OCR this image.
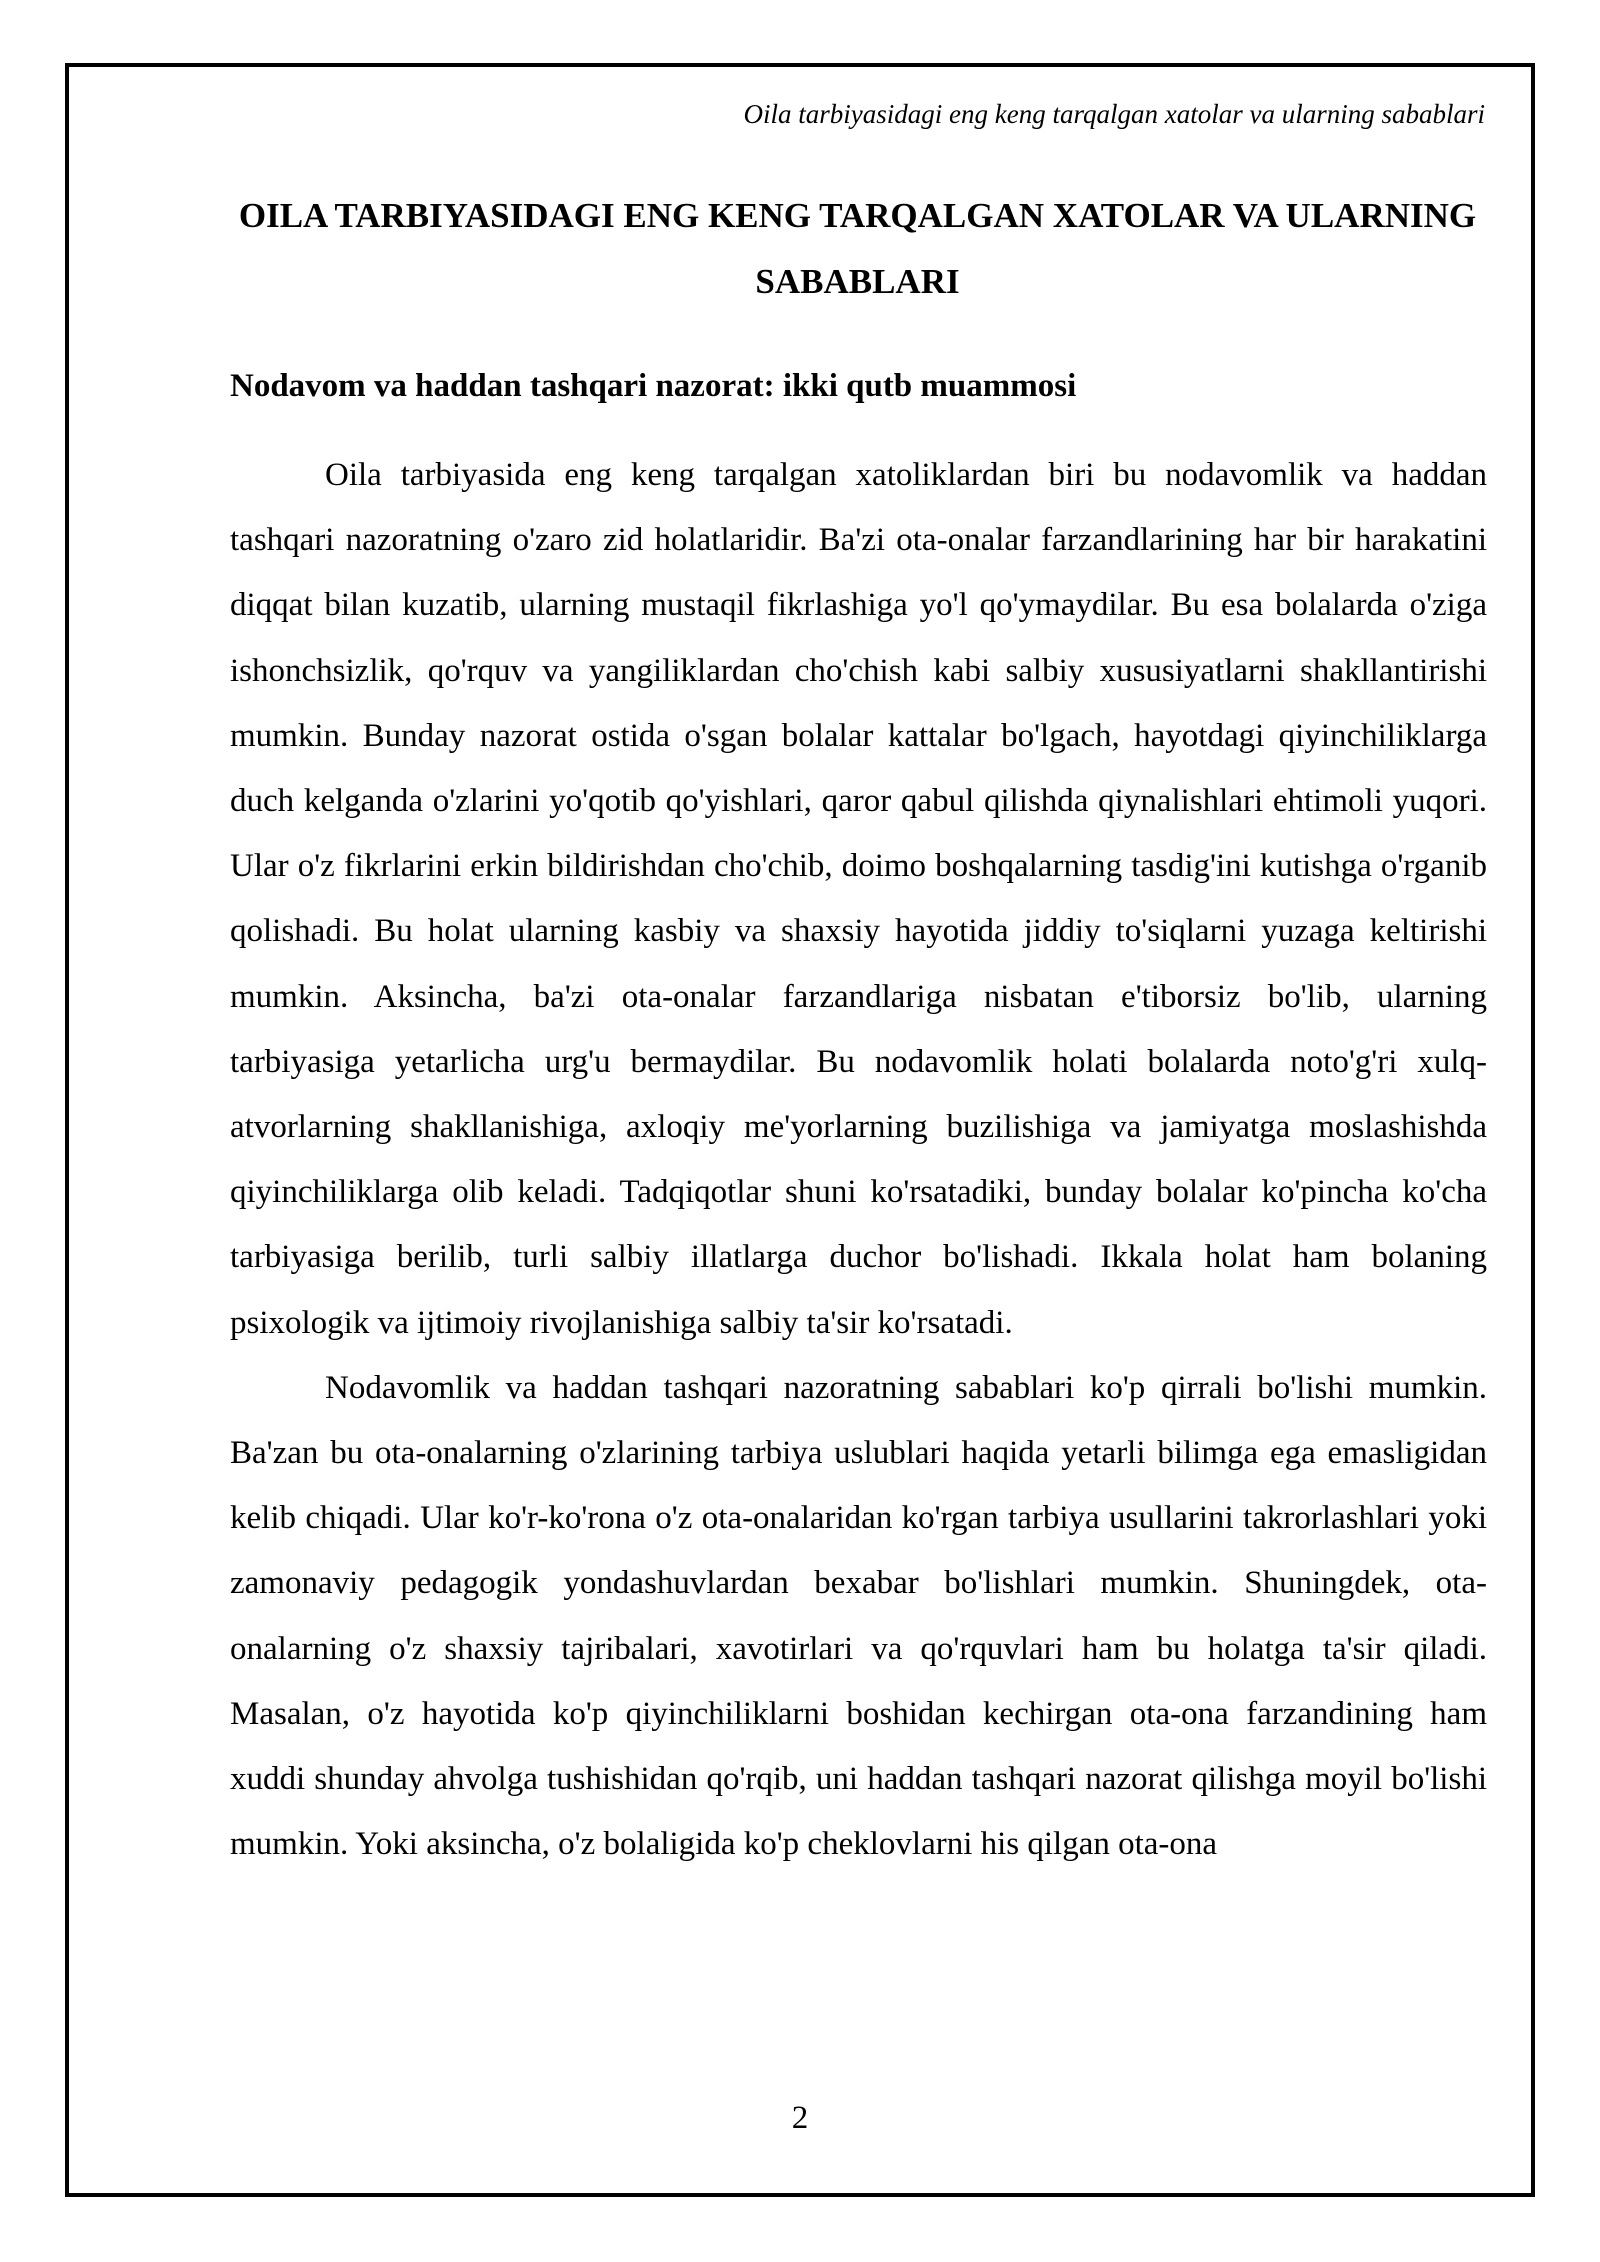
Oila tarbiyasidagi eng keng tarqalgan xatolar va ularning sabablari
OILA TARBIYASIDAGI ENG KENG TARQALGAN XATOLAR VA ULARNING SABABLARI
Nodavom va haddan tashqari nazorat: ikki qutb muammosi

Oila tarbiyasida eng keng tarqalgan xatoliklardan biri bu nodavomlik va haddan tashqari nazoratning o'zaro zid holatlaridir. Ba'zi ota-onalar farzandlarining har bir harakatini diqqat bilan kuzatib, ularning mustaqil fikrlashiga yo'l qo'ymaydilar. Bu esa bolalarda o'ziga ishonchsizlik, qo'rquv va yangiliklardan cho'chish kabi salbiy xususiyatlarni shakllantirishi mumkin. Bunday nazorat ostida o'sgan bolalar kattalar bo'lgach, hayotdagi qiyinchiliklarga duch kelganda o'zlarini yo'qotib qo'yishlari, qaror qabul qilishda qiynalishlari ehtimoli yuqori. Ular o'z fikrlarini erkin bildirishdan cho'chib, doimo boshqalarning tasdig'ini kutishga o'rganib qolishadi. Bu holat ularning kasbiy va shaxsiy hayotida jiddiy to'siqlarni yuzaga keltirishi mumkin. Aksincha, ba'zi ota-onalar farzandlariga nisbatan e'tiborsiz bo'lib, ularning tarbiyasiga yetarlicha urg'u bermaydilar. Bu nodavomlik holati bolalarda noto'g'ri xulq-atvorlarning shakllanishiga, axloqiy me'yorlarning buzilishiga va jamiyatga moslashishda qiyinchiliklarga olib keladi. Tadqiqotlar shuni ko'rsatadiki, bunday bolalar ko'pincha ko'cha tarbiyasiga berilib, turli salbiy illatlarga duchor bo'lishadi. Ikkala holat ham bolaning psixologik va ijtimoiy rivojlanishiga salbiy ta'sir ko'rsatadi.

Nodavomlik va haddan tashqari nazoratning sabablari ko'p qirrali bo'lishi mumkin. Ba'zan bu ota-onalarning o'zlarining tarbiya uslublari haqida yetarli bilimga ega emasligidan kelib chiqadi. Ular ko'r-ko'rona o'z ota-onalaridan ko'rgan tarbiya usullarini takrorlashlari yoki zamonaviy pedagogik yondashuvlardan bexabar bo'lishlari mumkin. Shuningdek, ota-onalarning o'z shaxsiy tajribalari, xavotirlari va qo'rquvlari ham bu holatga ta'sir qiladi. Masalan, o'z hayotida ko'p qiyinchiliklarni boshidan kechirgan ota-ona farzandining ham xuddi shunday ahvolga tushishidan qo'rqib, uni haddan tashqari nazorat qilishga moyil bo'lishi mumkin. Yoki aksincha, o'z bolaligida ko'p cheklovlarni his qilgan ota-ona

2
